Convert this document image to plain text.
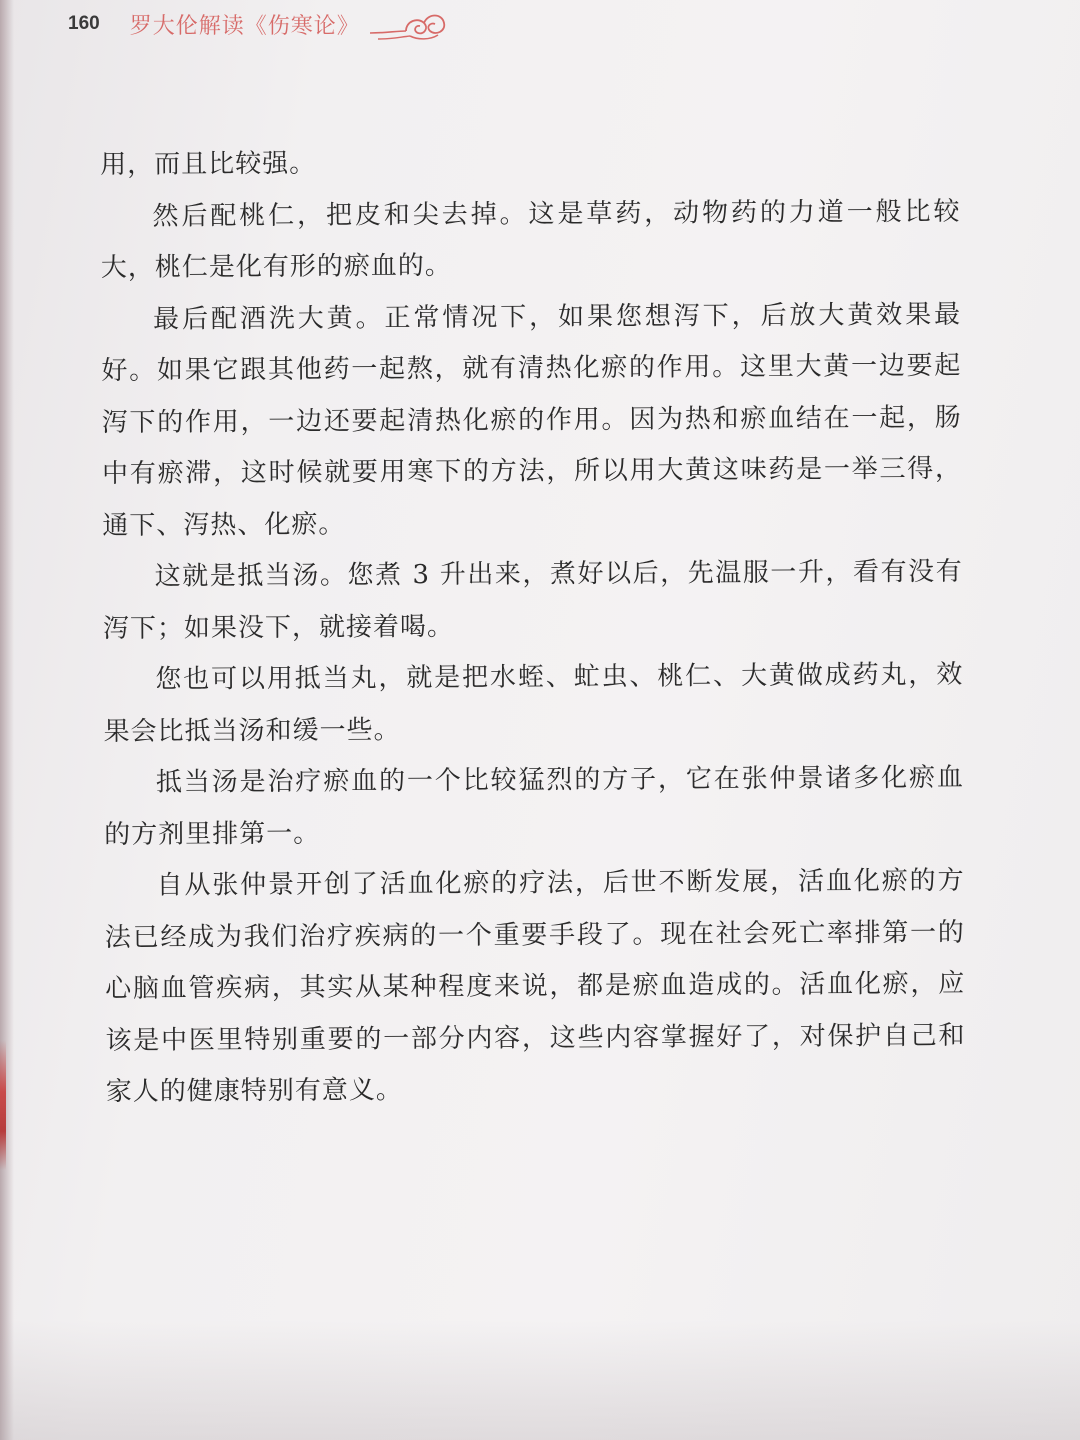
160 罗大伦解读《伤寒论》

用，而且比较强。

然后配桃仁，把皮和尖去掉。这是草药，动物药的力道一般比较大，桃仁是化有形的瘀血的。

最后配酒洗大黄。正常情况下，如果您想泻下，后放大黄效果最好。如果它跟其他药一起熬，就有清热化瘀的作用。这里大黄一边要起泻下的作用，一边还要起清热化瘀的作用。因为热和瘀血结在一起，肠中有瘀滞，这时候就要用寒下的方法，所以用大黄这味药是一举三得，通下、泻热、化瘀。

这就是抵当汤。您煮 3 升出来，煮好以后，先温服一升，看有没有泻下；如果没下，就接着喝。

您也可以用抵当丸，就是把水蛭、虻虫、桃仁、大黄做成药丸，效果会比抵当汤和缓一些。

抵当汤是治疗瘀血的一个比较猛烈的方子，它在张仲景诸多化瘀血的方剂里排第一。

自从张仲景开创了活血化瘀的疗法，后世不断发展，活血化瘀的方法已经成为我们治疗疾病的一个重要手段了。现在社会死亡率排第一的心脑血管疾病，其实从某种程度来说，都是瘀血造成的。活血化瘀，应该是中医里特别重要的一部分内容，这些内容掌握好了，对保护自己和家人的健康特别有意义。
